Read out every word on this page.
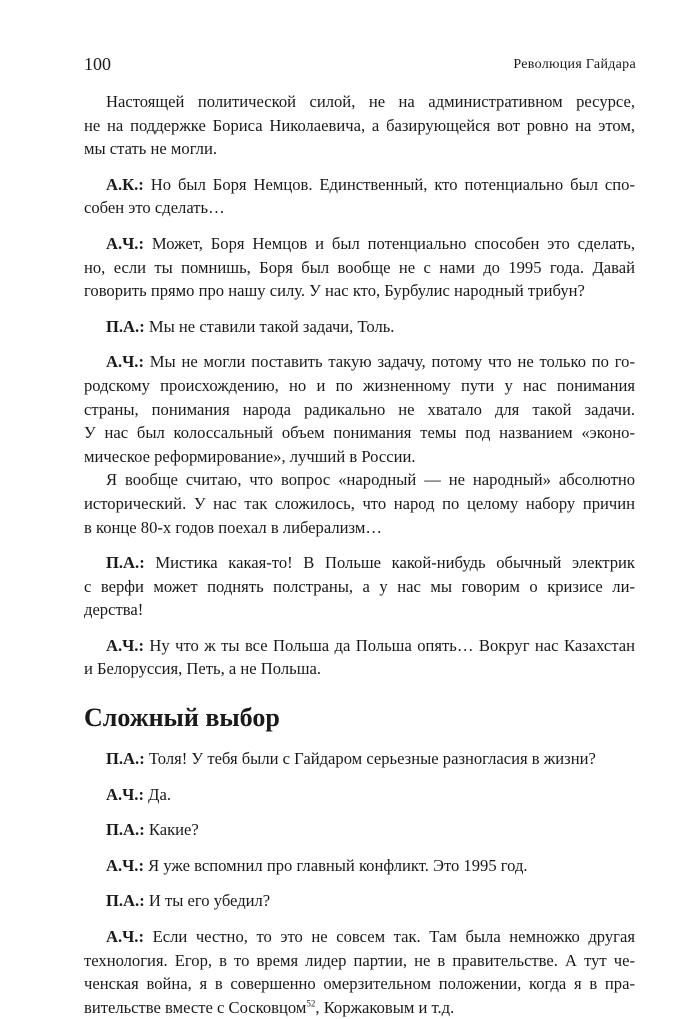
100	Революция Гайдара
Настоящей политической силой, не на административном ресурсе,
не на поддержке Бориса Николаевича, а базирующейся вот ровно на этом,
мы стать не могли.
А.К.: Но был Боря Немцов. Единственный, кто потенциально был спо-
собен это сделать…
А.Ч.: Может, Боря Немцов и был потенциально способен это сделать,
но, если ты помнишь, Боря был вообще не с нами до 1995 года. Давай
говорить прямо про нашу силу. У нас кто, Бурбулис народный трибун?
П.А.: Мы не ставили такой задачи, Толь.
А.Ч.: Мы не могли поставить такую задачу, потому что не только по го-
родскому происхождению, но и по жизненному пути у нас понимания
страны, понимания народа радикально не хватало для такой задачи.
У нас был колоссальный объем понимания темы под названием «эконо-
мическое реформирование», лучший в России.
Я вообще считаю, что вопрос «народный — не народный» абсолютно
исторический. У нас так сложилось, что народ по целому набору причин
в конце 80-х годов поехал в либерализм…
П.А.: Мистика какая-то! В Польше какой-нибудь обычный электрик
с верфи может поднять полстраны, а у нас мы говорим о кризисе ли-
дерства!
А.Ч.: Ну что ж ты все Польша да Польша опять… Вокруг нас Казахстан
и Белоруссия, Петь, а не Польша.
Сложный выбор
П.А.: Толя! У тебя были с Гайдаром серьезные разногласия в жизни?
А.Ч.: Да.
П.А.: Какие?
А.Ч.: Я уже вспомнил про главный конфликт. Это 1995 год.
П.А.: И ты его убедил?
А.Ч.: Если честно, то это не совсем так. Там была немножко другая
технология. Егор, в то время лидер партии, не в правительстве. А тут че-
ченская война, я в совершенно омерзительном положении, когда я в пра-
вительстве вместе с Сосковцом$^{52}$, Коржаковым и т.д.
